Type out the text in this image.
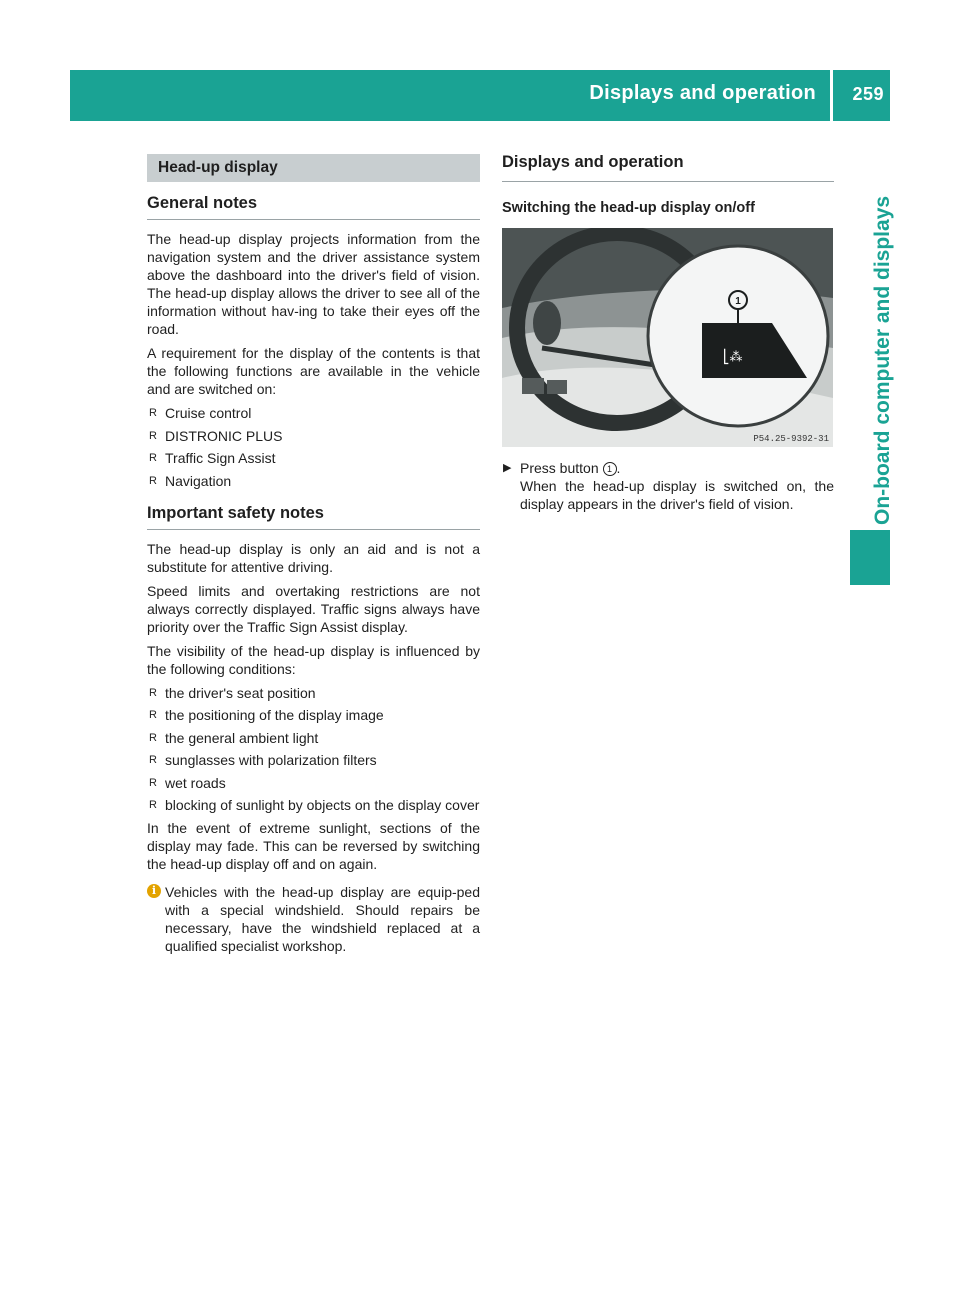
Displays and operation 259
On-board computer and displays
Head-up display
General notes

The head-up display projects information from the navigation system and the driver assistance system above the dashboard into the driver's field of vision. The head-up display allows the driver to see all of the information without hav-ing to take their eyes off the road.

A requirement for the display of the contents is that the following functions are available in the vehicle and are switched on:

R Cruise control
R DISTRONIC PLUS
R Traffic Sign Assist
R Navigation
Important safety notes

The head-up display is only an aid and is not a substitute for attentive driving.

Speed limits and overtaking restrictions are not always correctly displayed. Traffic signs always have priority over the Traffic Sign Assist display.

The visibility of the head-up display is influenced by the following conditions:

R the driver's seat position
R the positioning of the display image
R the general ambient light
R sunglasses with polarization filters
R wet roads
R blocking of sunlight by objects on the display cover

In the event of extreme sunlight, sections of the display may fade. This can be reversed by switching the head-up display off and on again.

i Vehicles with the head-up display are equip-ped with a special windshield. Should repairs be necessary, have the windshield replaced at a qualified specialist workshop.

Displays and operation
Switching the head-up display on/off
1
⎣⁂
P54.25-9392-31
▶ Press button 1 .

When the head-up display is switched on, the display appears in the driver's field of vision.
